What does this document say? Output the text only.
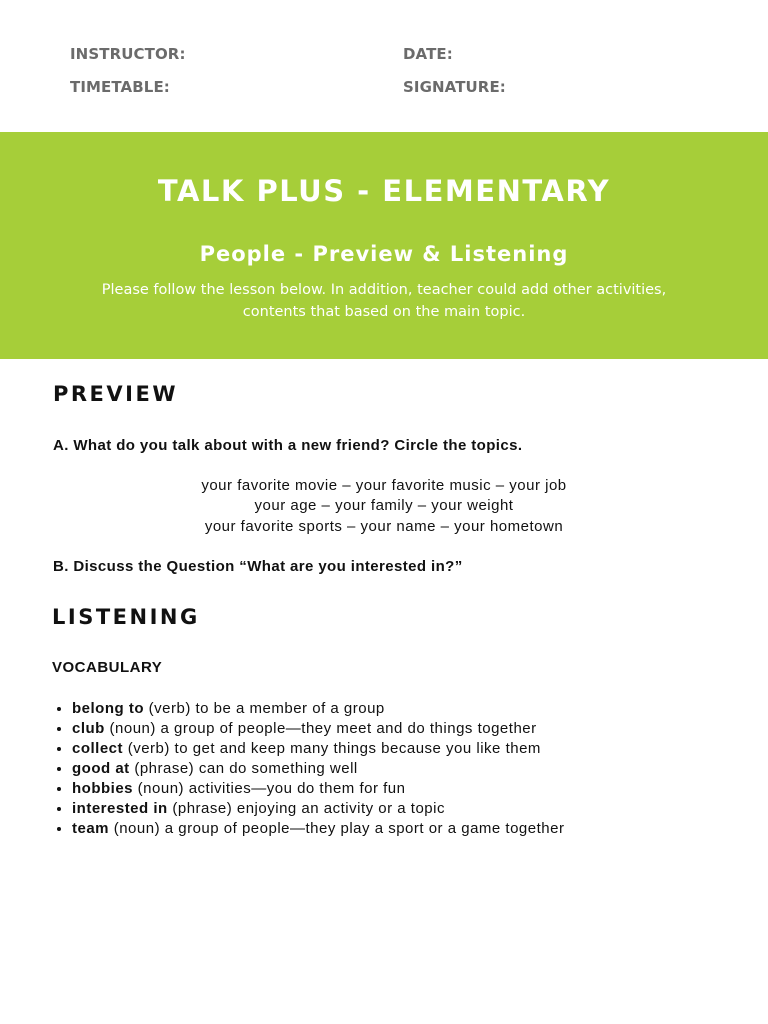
INSTRUCTOR:	DATE:
TIMETABLE:	SIGNATURE:
TALK PLUS - ELEMENTARY
People - Preview & Listening
Please follow the lesson below. In addition, teacher could add other activities,
contents that based on the main topic.
PREVIEW
A. What do you talk about with a new friend? Circle the topics.
your favorite movie – your favorite music – your job
your age – your family – your weight
your favorite sports – your name – your hometown
B. Discuss the Question “What are you interested in?”
LISTENING
VOCABULARY
• belong to (verb) to be a member of a group
• club (noun) a group of people—they meet and do things together
• collect (verb) to get and keep many things because you like them
• good at (phrase) can do something well
• hobbies (noun) activities—you do them for fun
• interested in (phrase) enjoying an activity or a topic
• team (noun) a group of people—they play a sport or a game together
